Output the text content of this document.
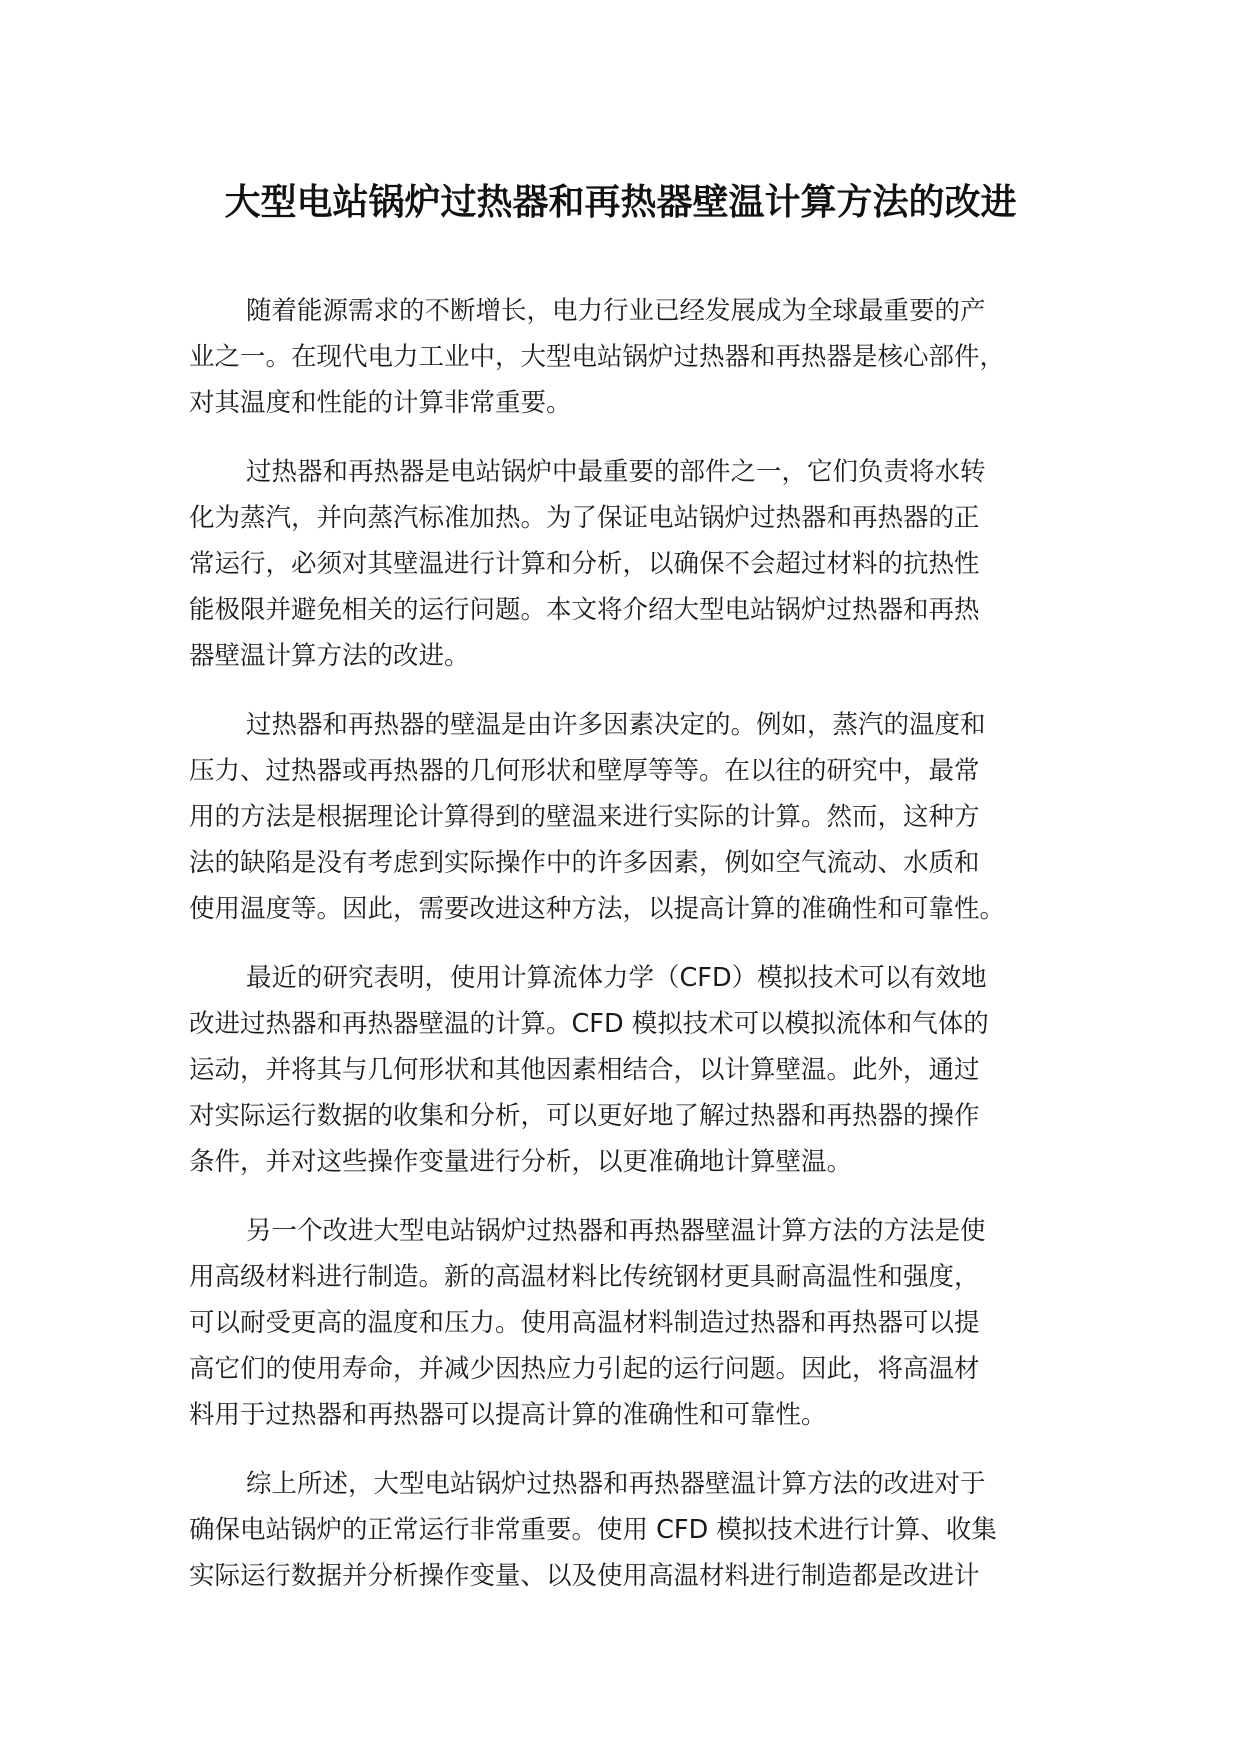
大型电站锅炉过热器和再热器壁温计算方法的改进

随着能源需求的不断增长，电力行业已经发展成为全球最重要的产
业之一。在现代电力工业中，大型电站锅炉过热器和再热器是核心部件，
对其温度和性能的计算非常重要。

过热器和再热器是电站锅炉中最重要的部件之一，它们负责将水转
化为蒸汽，并向蒸汽标准加热。为了保证电站锅炉过热器和再热器的正
常运行，必须对其壁温进行计算和分析，以确保不会超过材料的抗热性
能极限并避免相关的运行问题。本文将介绍大型电站锅炉过热器和再热
器壁温计算方法的改进。

过热器和再热器的壁温是由许多因素决定的。例如，蒸汽的温度和
压力、过热器或再热器的几何形状和壁厚等等。在以往的研究中，最常
用的方法是根据理论计算得到的壁温来进行实际的计算。然而，这种方
法的缺陷是没有考虑到实际操作中的许多因素，例如空气流动、水质和
使用温度等。因此，需要改进这种方法，以提高计算的准确性和可靠性。

最近的研究表明，使用计算流体力学（CFD）模拟技术可以有效地
改进过热器和再热器壁温的计算。CFD 模拟技术可以模拟流体和气体的
运动，并将其与几何形状和其他因素相结合，以计算壁温。此外，通过
对实际运行数据的收集和分析，可以更好地了解过热器和再热器的操作
条件，并对这些操作变量进行分析，以更准确地计算壁温。

另一个改进大型电站锅炉过热器和再热器壁温计算方法的方法是使
用高级材料进行制造。新的高温材料比传统钢材更具耐高温性和强度，
可以耐受更高的温度和压力。使用高温材料制造过热器和再热器可以提
高它们的使用寿命，并减少因热应力引起的运行问题。因此，将高温材
料用于过热器和再热器可以提高计算的准确性和可靠性。

综上所述，大型电站锅炉过热器和再热器壁温计算方法的改进对于
确保电站锅炉的正常运行非常重要。使用 CFD 模拟技术进行计算、收集
实际运行数据并分析操作变量、以及使用高温材料进行制造都是改进计
